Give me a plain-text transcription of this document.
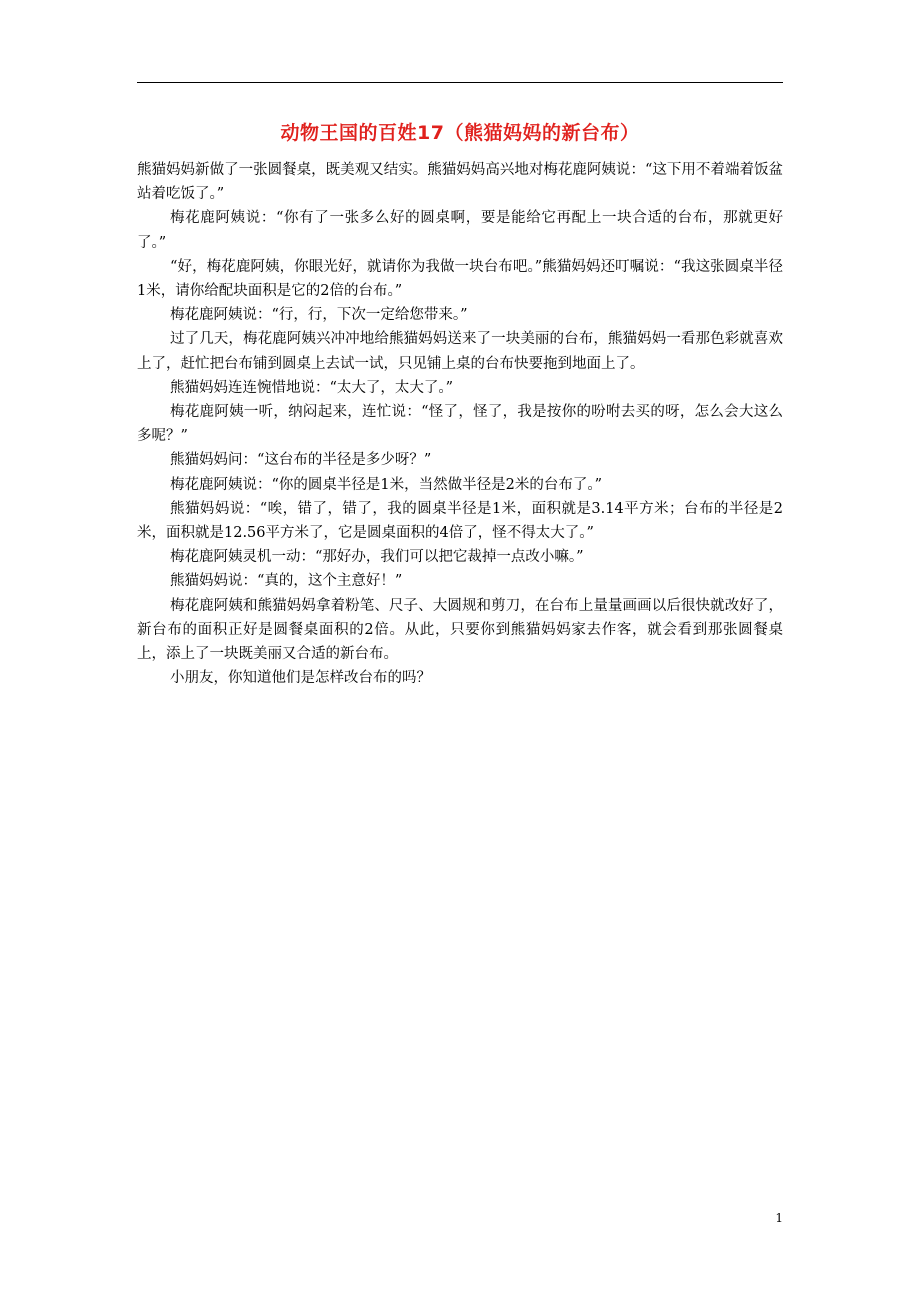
动物王国的百姓17（熊猫妈妈的新台布）

熊猫妈妈新做了一张圆餐桌，既美观又结实。熊猫妈妈高兴地对梅花鹿阿姨说：“这下用不着端着饭盆站着吃饭了。”

梅花鹿阿姨说：“你有了一张多么好的圆桌啊，要是能给它再配上一块合适的台布，那就更好了。”

“好，梅花鹿阿姨，你眼光好，就请你为我做一块台布吧。”熊猫妈妈还叮嘱说：“我这张圆桌半径1米，请你给配块面积是它的2倍的台布。”

梅花鹿阿姨说：“行，行，下次一定给您带来。”

过了几天，梅花鹿阿姨兴冲冲地给熊猫妈妈送来了一块美丽的台布，熊猫妈妈一看那色彩就喜欢上了，赶忙把台布铺到圆桌上去试一试，只见铺上桌的台布快要拖到地面上了。

熊猫妈妈连连惋惜地说：“太大了，太大了。”

梅花鹿阿姨一听，纳闷起来，连忙说：“怪了，怪了，我是按你的吩咐去买的呀，怎么会大这么多呢？”

熊猫妈妈问：“这台布的半径是多少呀？”

梅花鹿阿姨说：“你的圆桌半径是1米，当然做半径是2米的台布了。”

熊猫妈妈说：“唉，错了，错了，我的圆桌半径是1米，面积就是3.14平方米；台布的半径是2米，面积就是12.56平方米了，它是圆桌面积的4倍了，怪不得太大了。”

梅花鹿阿姨灵机一动：“那好办，我们可以把它裁掉一点改小嘛。”

熊猫妈妈说：“真的，这个主意好！”

梅花鹿阿姨和熊猫妈妈拿着粉笔、尺子、大圆规和剪刀，在台布上量量画画以后很快就改好了，新台布的面积正好是圆餐桌面积的2倍。从此，只要你到熊猫妈妈家去作客，就会看到那张圆餐桌上，添上了一块既美丽又合适的新台布。

小朋友，你知道他们是怎样改台布的吗？

1
